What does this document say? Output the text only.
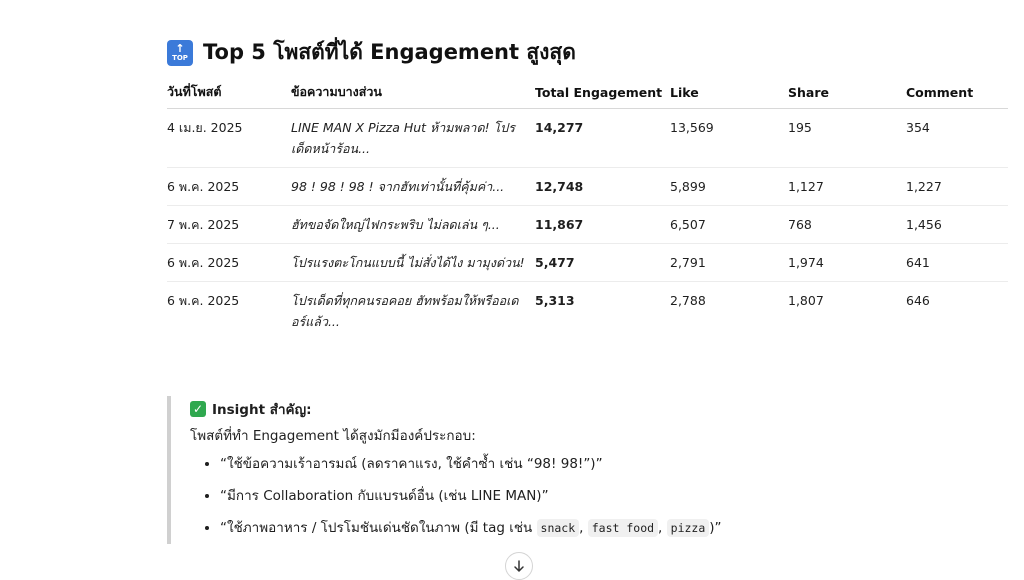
↑
TOP Top 5 โพสต์ที่ได้ Engagement สูงสุด
วันที่โพสต์	ข้อความบางส่วน	Total Engagement	Like	Share	Comment
4 เม.ย. 2025	LINE MAN X Pizza Hut ห้ามพลาด! โปรเด็ดหน้าร้อน...	14,277	13,569	195	354
6 พ.ค. 2025	98 ! 98 ! 98 ! จากฮัทเท่านั้นที่คุ้มค่า...	12,748	5,899	1,127	1,227
7 พ.ค. 2025	ฮัทขอจัดใหญ่ไฟกระพริบ ไม่ลดเล่น ๆ...	11,867	6,507	768	1,456
6 พ.ค. 2025	โปรแรงตะโกนแบบนี้ ไม่สั่งได้ไง มามุงด่วน!	5,477	2,791	1,974	641
6 พ.ค. 2025	โปรเด็ดที่ทุกคนรอคอย ฮัทพร้อมให้พรีออเดอร์แล้ว...	5,313	2,788	1,807	646
✓ Insight สำคัญ:
โพสต์ที่ทำ Engagement ได้สูงมักมีองค์ประกอบ:
• “ใช้ข้อความเร้าอารมณ์ (ลดราคาแรง, ใช้คำซ้ำ เช่น “98! 98!”)”
• “มีการ Collaboration กับแบรนด์อื่น (เช่น LINE MAN)”
• “ใช้ภาพอาหาร / โปรโมชันเด่นชัดในภาพ (มี tag เช่น snack , fast food , pizza )”
